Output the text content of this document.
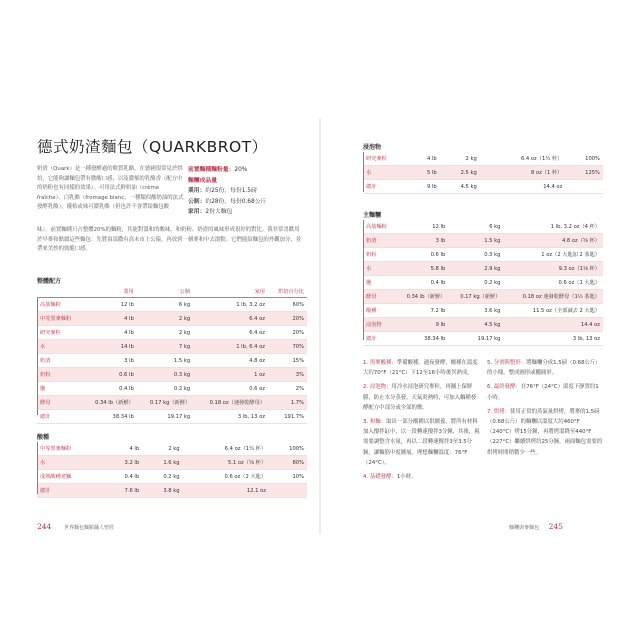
德式奶渣麵包（QUARKBROT）

奶渣（Quark）是一種發酵過的軟質乳酪，在德國很常見於烘焙，它能夠讓麵包帶有微酸口感，以及濃郁的乳酪香（配方中的奶粉也有同樣的效果）。可用法式鮮奶油（crème fraîche）、白乳酪（fromage blanc，一種類似酸奶油的法式發酵乳酪），優格或味可濃乳酪（但也許不會帶給麵包酸

味）。前置麵種只占整體20%的麵粉，其能對溫和的酸味。和奶粉、奶渣的風味形成很好的對比。我非常喜歡用於早麥和點綴這些麵包：先將頂部撒有高未市上公猿，再放到一個麥和中去滾動。它們能給麵包的外觀加分，並帶來美妙的勁脆口感。
前置麵種麵粉量：20%
麵糰成品量
業用：約25份，每份1.5磅
公制：約28份，每份0.68公斤
家用：2份大麵包
整體配方
	業用	公制	家用	烘焙百分比
高筋麵粉	12 lb	6 kg	1 lb, 3.2 oz	60%
中等黑麥麵粉	4 lb	2 kg	6.4 oz	20%
研究麥粒	4 lb	2 kg	6.4 oz	20%
水	14 lb	7 kg	1 lb, 6.4 oz	70%
奶渣	3 lb	1.5 kg	4.8 oz	15%
奶粉	0.6 lb	0.3 kg	1 oz	3%
鹽	0.4 lb	0.2 kg	0.6 oz	2%
酵母	0.34 lb（新鮮）	0.17 kg（新鮮）	0.18 oz（速發乾酵母）	1.7%
總計	38.34 lb	19.17 kg	3 lb, 13 oz	191.7%
酸種
中等黑麥麵粉	4 lb	2 kg	6.4 oz（1¼ 杯）	100%
水	3.2 lb	1.6 kg	5.1 oz（⅝ 杯）	80%
成熟酸種老麵	0.4 lb	0.2 kg	0.6 oz（2 大匙）	10%
總計	7.6 lb	3.8 kg	12.1 oz	
244	世界麵包麵點職人聖經
浸泡物
研究麥粒	4 lb	2 kg	6.4 oz（1¼ 杯）	100%
水	5 lb	2.5 kg	8 oz（1 杯）	125%
總計	9 lb	4.5 kg	14.4 oz	
主麵糰
高筋麵粉	12 lb	6 kg	1 lb, 3.2 oz（4 杯）
奶渣	3 lb	1.5 kg	4.8 oz（⅝ 杯）
奶粉	0.6 lb	0.3 kg	1 oz（2 大匙加 2 茶匙）
水	5.8 lb	2.9 kg	9.3 oz（1⅛ 杯）
鹽	0.4 lb	0.2 kg	0.6 oz（1 大匙）
酵母	0.34 lb（新鮮）	0.17 kg（新鮮）	0.18 oz 速發乾酵母（1½ 茶匙）
酸種	7.2 lb	3.6 kg	11.5 oz（全部減去 2 大匙）
浸泡物	9 lb	4.5 kg	14.4 oz
總計	38.34 lb	19.17 kg	3 lb, 13 oz

1. 黑麥酸種：準備酸種。過夜發酵，酸種在溫度大約70°F（21°C）下12至16小時後其熟成。

2. 浸泡物：用冷水浸泡研究麥粒，再鋪上保鮮膜，防止水分蒸發，天氣炎熱時，可加入麵種發酵配方中部分或全部的鹽。

3. 和麵：取出一部分酸種以供續養，將所有材料加入攪拌缸中，以一段轉速攪拌3分鐘，其後，視需要調整含水量，再以二段轉速攪拌3至3.5分鐘，讓麵筋中度擴展。理想麵糰溫度：76°F（24°C）。

4. 基礎發酵：1小時。

5. 分割與整形：將麵糰分成1.5磅（0.68公斤）的小塊，整成圓形或橢圓形。

6. 最終發酵：在76°F（24°C）溫度下靜置約1小時。

7. 烘烤：使用正常的蒸氣量烘烤，將麥的1.5磅（0.68公斤）的麵糰以溫度大約460°F（240°C）烤15分鐘，再將烤溫降至440°F（227°C）繼續烘烤約25分鐘，兩面麵包需要的烘烤時間稍微少一些。

麵糰與麥麵包 245
